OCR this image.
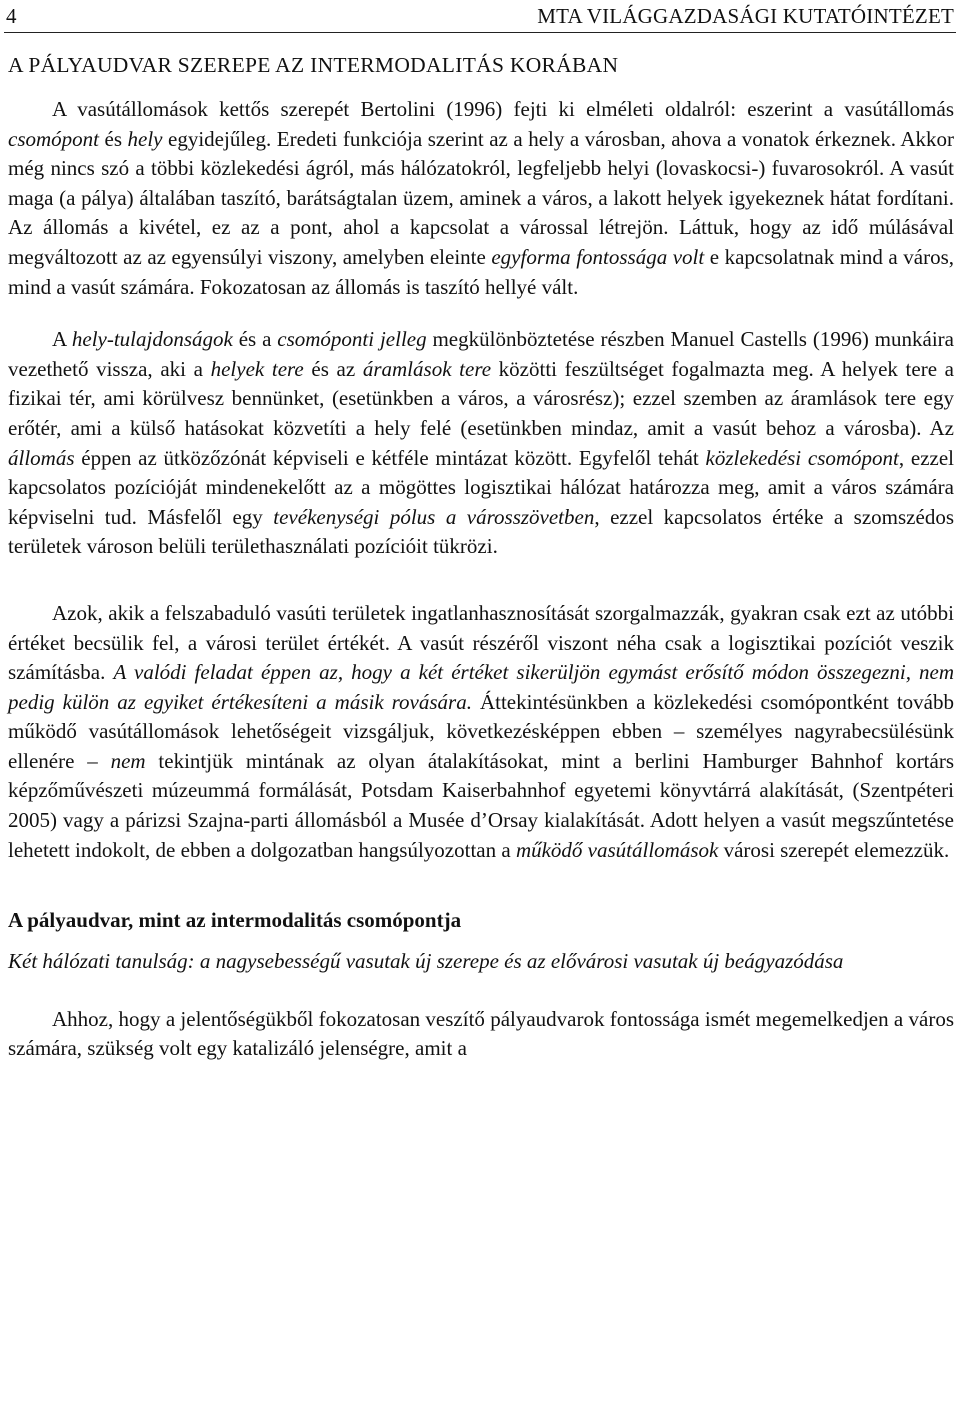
4	MTA VILÁGGAZDASÁGI KUTATÓINTÉZET
A PÁLYAUDVAR SZEREPE AZ INTERMODALITÁS KORÁBAN

A vasútállomások kettős szerepét Bertolini (1996) fejti ki elméleti oldalról: eszerint a vasútállomás csomópont és hely egyidejűleg. Eredeti funkciója szerint az a hely a városban, ahova a vonatok érkeznek. Akkor még nincs szó a többi közlekedési ágról, más hálózatokról, legfeljebb helyi (lovaskocsi-) fuvarosokról. A vasút maga (a pálya) általában taszító, barátságtalan üzem, aminek a város, a lakott helyek igyekeznek hátat fordítani. Az állomás a kivétel, ez az a pont, ahol a kapcsolat a várossal létrejön. Láttuk, hogy az idő múlásával megváltozott az az egyensúlyi viszony, amelyben eleinte egyforma fontossága volt e kapcsolatnak mind a város, mind a vasút számára. Fokozatosan az állomás is taszító hellyé vált.

A hely-tulajdonságok és a csomóponti jelleg megkülönböztetése részben Manuel Castells (1996) munkáira vezethető vissza, aki a helyek tere és az áramlások tere közötti feszültséget fogalmazta meg. A helyek tere a fizikai tér, ami körülvesz bennünket, (esetünkben a város, a városrész); ezzel szemben az áramlások tere egy erőtér, ami a külső hatásokat közvetíti a hely felé (esetünkben mindaz, amit a vasút behoz a városba). Az állomás éppen az ütközőzónát képviseli e kétféle mintázat között. Egyfelől tehát közlekedési csomópont, ezzel kapcsolatos pozícióját mindenekelőtt az a mögöttes logisztikai hálózat határozza meg, amit a város számára képviselni tud. Másfelől egy tevékenységi pólus a városszövetben, ezzel kapcsolatos értéke a szomszédos területek városon belüli területhasználati pozícióit tükrözi.

Azok, akik a felszabaduló vasúti területek ingatlanhasznosítását szorgalmazzák, gyakran csak ezt az utóbbi értéket becsülik fel, a városi terület értékét. A vasút részéről viszont néha csak a logisztikai pozíciót veszik számításba. A valódi feladat éppen az, hogy a két értéket sikerüljön egymást erősítő módon összegezni, nem pedig külön az egyiket értékesíteni a másik rovására. Áttekintésünkben a közlekedési csomópontként tovább működő vasútállomások lehetőségeit vizsgáljuk, következésképpen ebben – személyes nagyrabecsülésünk ellenére – nem tekintjük mintának az olyan átalakításokat, mint a berlini Hamburger Bahnhof kortárs képzőművészeti múzeummá formálását, Potsdam Kaiserbahnhof egyetemi könyvtárrá alakítását, (Szentpéteri 2005) vagy a párizsi Szajna-parti állomásból a Musée d’Orsay kialakítását. Adott helyen a vasút megszűntetése lehetett indokolt, de ebben a dolgozatban hangsúlyozottan a működő vasútállomások városi szerepét elemezzük.

A pályaudvar, mint az intermodalitás csomópontja

Két hálózati tanulság: a nagysebességű vasutak új szerepe és az elővárosi vasutak új beágyazódása

Ahhoz, hogy a jelentőségükből fokozatosan veszítő pályaudvarok fontossága ismét megemelkedjen a város számára, szükség volt egy katalizáló jelenségre, amit a
